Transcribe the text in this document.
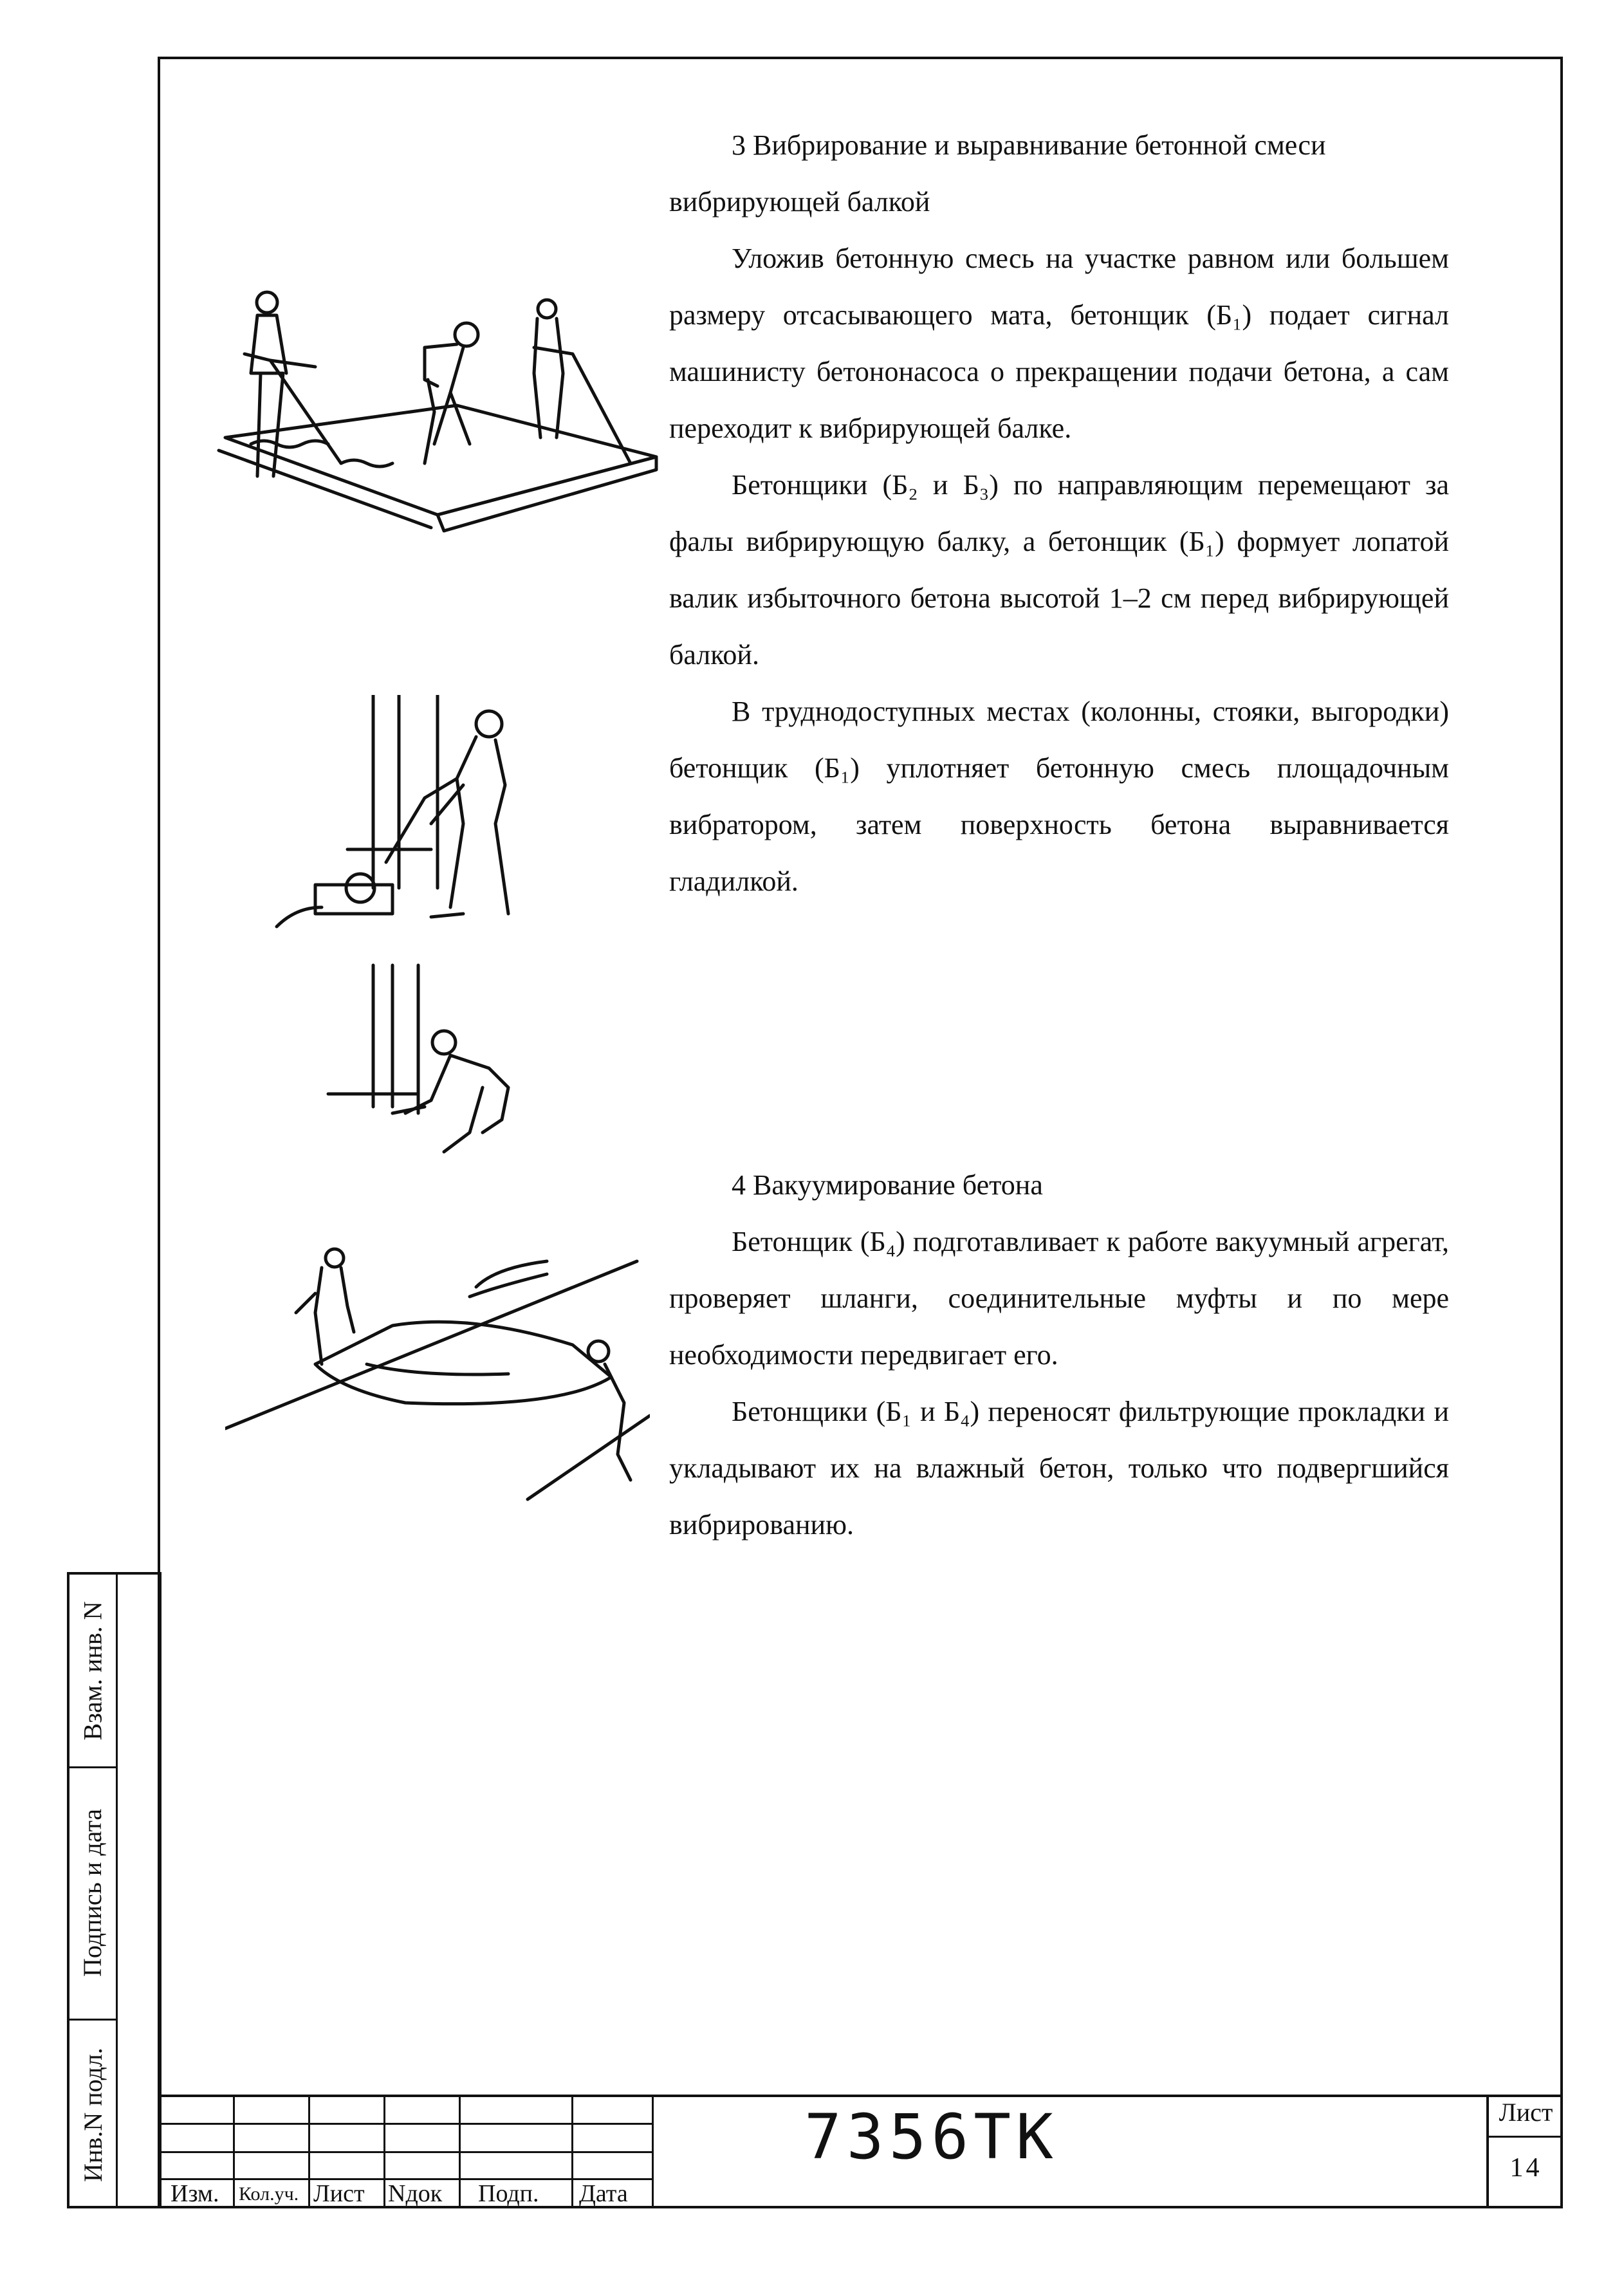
3 Вибрирование и выравнивание бетонной смеси

вибрирующей балкой

Уложив бетонную смесь на участке равном или большем размеру отсасывающего мата, бетонщик (Б₁) подает сигнал машинисту бетононасоса о прекращении подачи бетона, а сам переходит к вибрирующей балке.

Бетонщики (Б₂ и Б₃) по направляющим перемещают за фалы вибрирующую балку, а бетонщик (Б₁) формует лопатой валик избыточного бетона высотой 1–2 см перед вибрирующей балкой.

В труднодоступных местах (колонны, стояки, выгородки) бетонщик (Б₁) уплотняет бетонную смесь площадочным вибратором, затем поверхность бетона выравнивается гладилкой.

4 Вакуумирование бетона

Бетонщик (Б₄) подготавливает к работе вакуумный агрегат, проверяет шланги, соединительные муфты и по мере необходимости передвигает его.

Бетонщики (Б₁ и Б₄) переносят фильтрующие прокладки и укладывают их на влажный бетон, только что подвергшийся вибрированию.

Взам. инв. N
Подпись и дата
Инв.N подл.
Изм. Кол.уч. Лист Nдок Подп. Дата
7356ТК	Лист
14
